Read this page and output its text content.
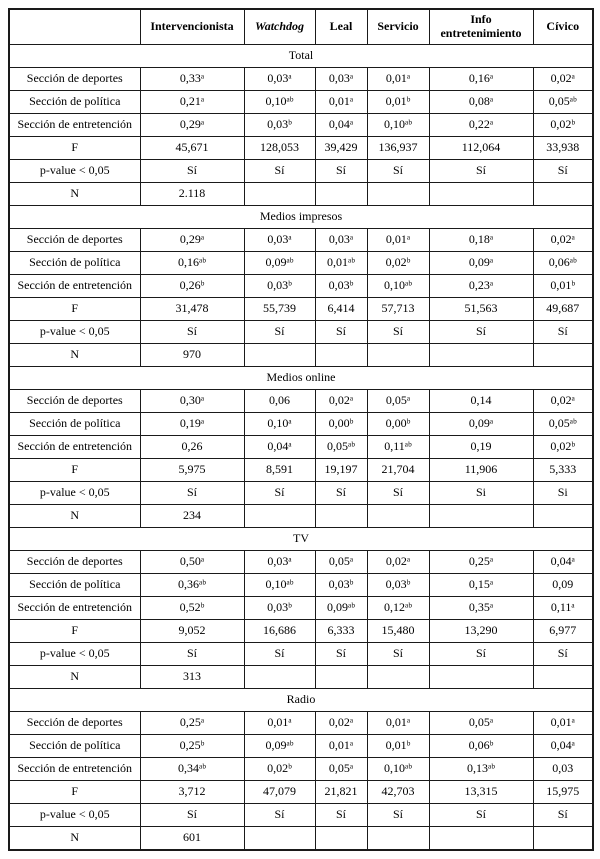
	Intervencionista	Watchdog	Leal	Servicio	Info entretenimiento	Cívico
Total						
Sección de deportes	0,33ᵃ	0,03ᵃ	0,03ᵃ	0,01ᵃ	0,16ᵃ	0,02ᵃ
Sección de política	0,21ᵃ	0,10ᵃᵇ	0,01ᵃ	0,01ᵇ	0,08ᵃ	0,05ᵃᵇ
Sección de entretención	0,29ᵃ	0,03ᵇ	0,04ᵃ	0,10ᵃᵇ	0,22ᵃ	0,02ᵇ
F	45,671	128,053	39,429	136,937	112,064	33,938
p-value < 0,05	Sí	Sí	Sí	Sí	Sí	Sí
N	2.118					
Medios impresos						
Sección de deportes	0,29ᵃ	0,03ᵃ	0,03ᵃ	0,01ᵃ	0,18ᵃ	0,02ᵃ
Sección de política	0,16ᵃᵇ	0,09ᵃᵇ	0,01ᵃᵇ	0,02ᵇ	0,09ᵃ	0,06ᵃᵇ
Sección de entretención	0,26ᵇ	0,03ᵇ	0,03ᵇ	0,10ᵃᵇ	0,23ᵃ	0,01ᵇ
F	31,478	55,739	6,414	57,713	51,563	49,687
p-value < 0,05	Sí	Sí	Sí	Sí	Sí	Sí
N	970					
Medios online						
Sección de deportes	0,30ᵃ	0,06	0,02ᵃ	0,05ᵃ	0,14	0,02ᵃ
Sección de política	0,19ᵃ	0,10ᵃ	0,00ᵇ	0,00ᵇ	0,09ᵃ	0,05ᵃᵇ
Sección de entretención	0,26	0,04ᵃ	0,05ᵃᵇ	0,11ᵃᵇ	0,19	0,02ᵇ
F	5,975	8,591	19,197	21,704	11,906	5,333
p-value < 0,05	Sí	Sí	Sí	Sí	Si	Si
N	234					
TV						
Sección de deportes	0,50ᵃ	0,03ᵃ	0,05ᵃ	0,02ᵃ	0,25ᵃ	0,04ᵃ
Sección de política	0,36ᵃᵇ	0,10ᵃᵇ	0,03ᵇ	0,03ᵇ	0,15ᵃ	0,09
Sección de entretención	0,52ᵇ	0,03ᵇ	0,09ᵃᵇ	0,12ᵃᵇ	0,35ᵃ	0,11ᵃ
F	9,052	16,686	6,333	15,480	13,290	6,977
p-value < 0,05	Sí	Sí	Sí	Sí	Sí	Sí
N	313					
Radio						
Sección de deportes	0,25ᵃ	0,01ᵃ	0,02ᵃ	0,01ᵃ	0,05ᵃ	0,01ᵃ
Sección de política	0,25ᵇ	0,09ᵃᵇ	0,01ᵃ	0,01ᵇ	0,06ᵇ	0,04ᵃ
Sección de entretención	0,34ᵃᵇ	0,02ᵇ	0,05ᵃ	0,10ᵃᵇ	0,13ᵃᵇ	0,03
F	3,712	47,079	21,821	42,703	13,315	15,975
p-value < 0,05	Sí	Sí	Sí	Sí	Sí	Sí
N	601					
